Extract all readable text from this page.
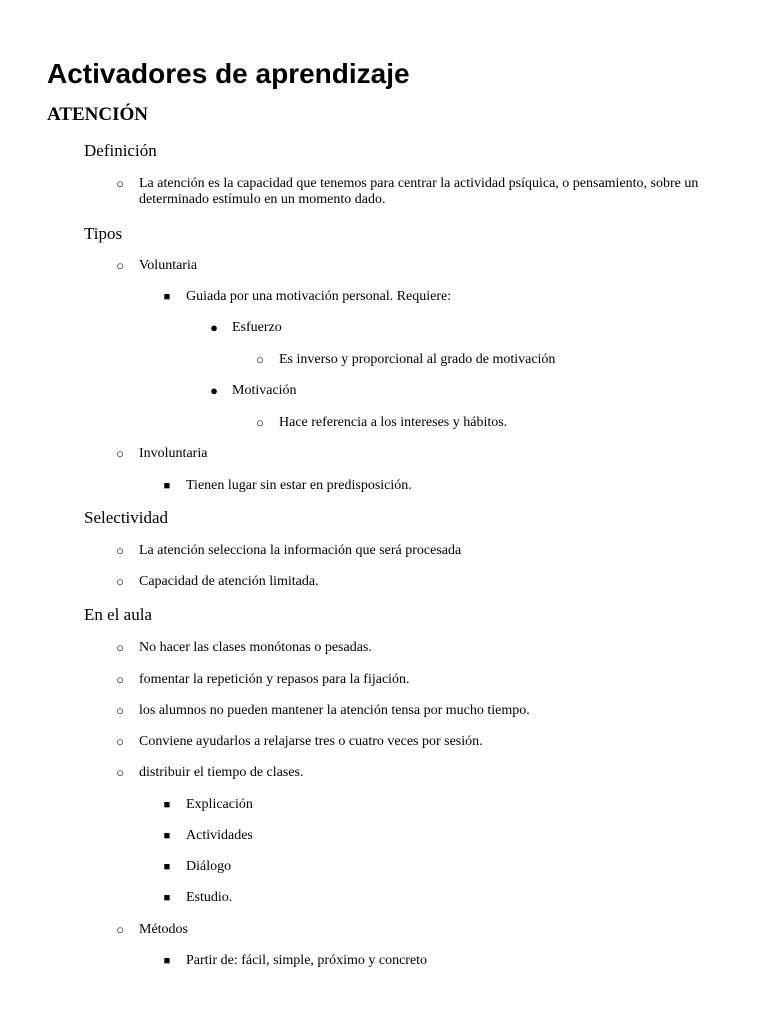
Activadores de aprendizaje
ATENCIÓN
Definición
○	La atención es la capacidad que tenemos para centrar la actividad psíquica, o pensamiento, sobre un determinado estímulo en un momento dado.
Tipos
○	Voluntaria
■	Guiada por una motivación personal. Requiere:
●	Esfuerzo
○	Es inverso y proporcional al grado de motivación
●	Motivación
○	Hace referencia a los intereses y hábitos.
○	Involuntaria
■	Tienen lugar sin estar en predisposición.
Selectividad
○	La atención selecciona la información que será procesada
○	Capacidad de atención limitada.
En el aula
○	No hacer las clases monótonas o pesadas.
○	fomentar la repetición y repasos para la fijación.
○	los alumnos no pueden mantener la atención tensa por mucho tiempo.
○	Conviene ayudarlos a relajarse tres o cuatro veces por sesión.
○	distribuir el tiempo de clases.
■	Explicación
■	Actividades
■	Diálogo
■	Estudio.
○	Métodos
■	Partir de: fácil, simple, próximo y concreto
